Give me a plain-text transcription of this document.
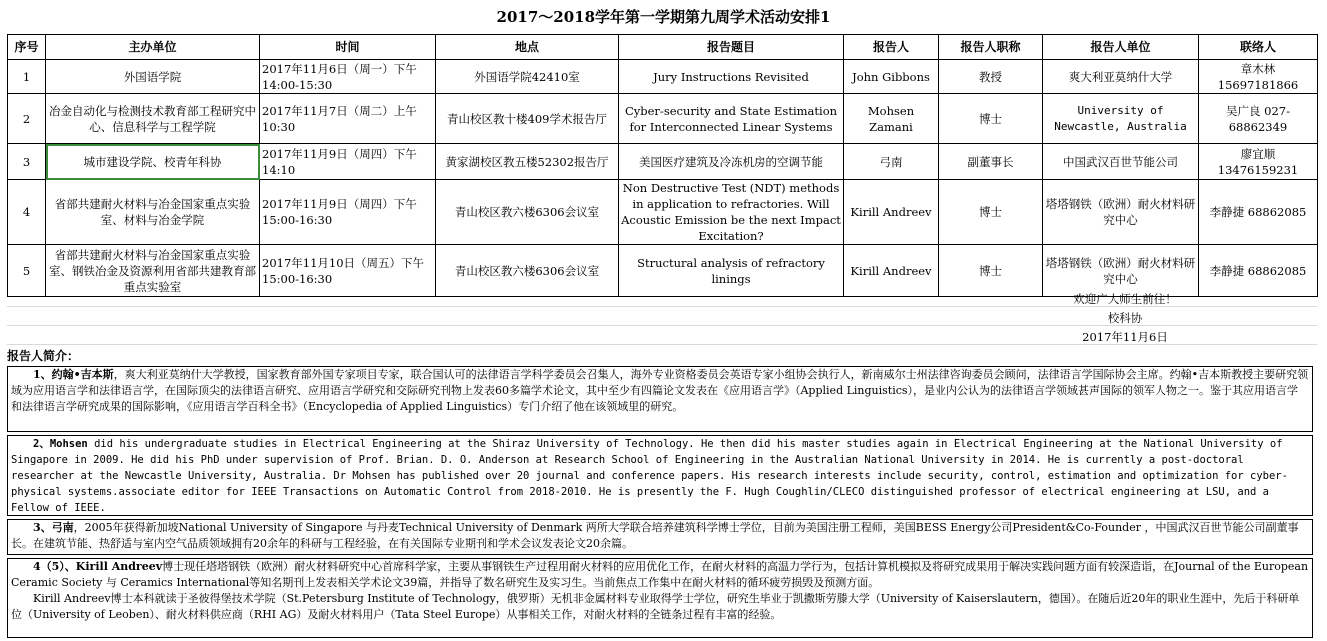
2017～2018学年第一学期第九周学术活动安排1
序号	主办单位	时间	地点	报告题目	报告人	报告人职称	报告人单位	联络人
1	外国语学院	2017年11月6日（周一）下午14:00-15:30	外国语学院42410室	Jury Instructions Revisited	John Gibbons	教授	爽大利亚莫纳什大学	章木林 15697181866
2	冶金自动化与检测技术教育部工程研究中心、信息科学与工程学院	2017年11月7日（周二）上午10:30	青山校区教十楼409学术报告厅	Cyber-security and State Estimation for Interconnected Linear Systems	Mohsen Zamani	博士	University of Newcastle, Australia	吴广良 027-68862349
3	城市建设学院、校青年科协	2017年11月9日（周四）下午14:10	黄家湖校区教五楼52302报告厅	美国医疗建筑及冷冻机房的空调节能	弓南	副董事长	中国武汉百世节能公司	廖宜顺13476159231
4	省部共建耐火材料与冶金国家重点实验室、材料与冶金学院	2017年11月9日（周四）下午15:00-16:30	青山校区教六楼6306会议室	Non Destructive Test (NDT) methods in application to refractories. Will Acoustic Emission be the next Impact Excitation?	Kirill Andreev	博士	塔塔钢铁（欧洲）耐火材料研究中心	李静捷 68862085
5	省部共建耐火材料与冶金国家重点实验室、钢铁冶金及资源利用省部共建教育部重点实验室	2017年11月10日（周五）下午15:00-16:30	青山校区教六楼6306会议室	Structural analysis of refractory linings	Kirill Andreev	博士	塔塔钢铁（欧洲）耐火材料研究中心	李静捷 68862085
欢迎广大师生前往！
校科协
2017年11月6日
报告人简介：
1、约翰•吉本斯，爽大利亚莫纳什大学教授，国家教育部外国专家项目专家，联合国认可的法律语言学科学委员会召集人，海外专业资格委员会英语专家小组协会执行人，新南威尔士州法律咨询委员会顾问，法律语言学国际协会主席。约翰•吉本斯教授主要研究领域为应用语言学和法律语言学，在国际顶尖的法律语言研究、应用语言学研究和交际研究刊物上发表60多篇学术论文，其中至少有四篇论文发表在《应用语言学》（Applied Linguistics），是业内公认为的法律语言学领域甚声国际的领军人物之一。鉴于其应用语言学和法律语言学研究成果的国际影响，《应用语言学百科全书》（Encyclopedia of Applied Linguistics）专门介绍了他在该领域里的研究。
2、Mohsen did his undergraduate studies in Electrical Engineering at the Shiraz University of Technology. He then did his master studies again in Electrical Engineering at the National University of Singapore in 2009. He did his PhD under supervision of Prof. Brian. D. O. Anderson at Research School of Engineering in the Australian National University in 2014. He is currently a post-doctoral researcher at the Newcastle University, Australia. Dr Mohsen has published over 20 journal and conference papers. His research interests include security, control, estimation and optimization for cyber-physical systems.associate editor for IEEE Transactions on Automatic Control from 2018-2010. He is presently the F. Hugh Coughlin/CLECO distinguished professor of electrical engineering at LSU, and a Fellow of IEEE.
3、弓南，2005年获得新加坡National University of Singapore 与丹麦Technical University of Denmark 两所大学联合培养建筑科学博士学位，目前为美国注册工程师，美国BESS Energy公司President&Co-Founder ，中国武汉百世节能公司副董事长。在建筑节能、热舒适与室内空气品质领域拥有20余年的科研与工程经验，在有关国际专业期刊和学术会议发表论文20余篇。
4（5）、Kirill Andreev博士现任塔塔钢铁（欧洲）耐火材料研究中心首席科学家，主要从事钢铁生产过程用耐火材料的应用优化工作，在耐火材料的高温力学行为，包括计算机模拟及将研究成果用于解决实践问题方面有较深造诣，在Journal of the European Ceramic Society 与 Ceramics International等知名期刊上发表相关学术论文39篇，并指导了数名研究生及实习生。当前焦点工作集中在耐火材料的循环疲劳损毁及预测方面。
Kirill Andreev博士本科就读于圣彼得堡技术学院（St.Petersburg Institute of Technology，俄罗斯）无机非金属材料专业取得学士学位，研究生毕业于凯撒斯劳滕大学（University of Kaiserslautern，德国）。在随后近20年的职业生涯中，先后于科研单位（University of Leoben）、耐火材料供应商（RHI AG）及耐火材料用户（Tata Steel Europe）从事相关工作，对耐火材料的全链条过程有丰富的经验。
